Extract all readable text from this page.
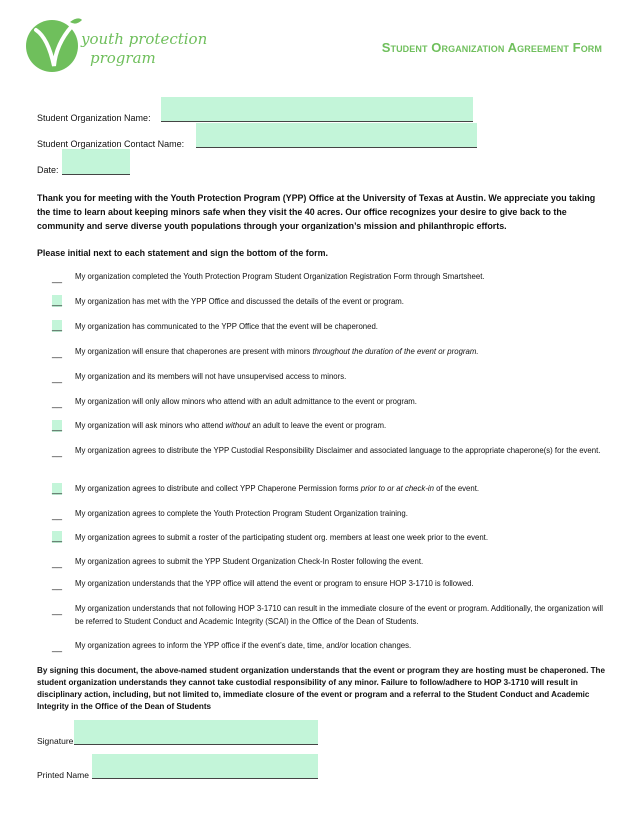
youth protection
program
Student Organization Agreement Form
Student Organization Name:
Student Organization Contact Name:
Date:
Thank you for meeting with the Youth Protection Program (YPP) Office at the University of Texas at Austin. We appreciate you taking the time to learn about keeping minors safe when they visit the 40 acres. Our office recognizes your desire to give back to the community and serve diverse youth populations through your organization’s mission and philanthropic efforts.
Please initial next to each statement and sign the bottom of the form.
__ My organization completed the Youth Protection Program Student Organization Registration Form through Smartsheet.
__ My organization has met with the YPP Office and discussed the details of the event or program.
__ My organization has communicated to the YPP Office that the event will be chaperoned.
__ My organization will ensure that chaperones are present with minors throughout the duration of the event or program.
__ My organization and its members will not have unsupervised access to minors.
__ My organization will only allow minors who attend with an adult admittance to the event or program.
__ My organization will ask minors who attend without an adult to leave the event or program.
__ My organization agrees to distribute the YPP Custodial Responsibility Disclaimer and associated language to the appropriate chaperone(s) for the event.
__ My organization agrees to distribute and collect YPP Chaperone Permission forms prior to or at check-in of the event.
__ My organization agrees to complete the Youth Protection Program Student Organization training.
__ My organization agrees to submit a roster of the participating student org. members at least one week prior to the event.
__ My organization agrees to submit the YPP Student Organization Check-In Roster following the event.
__ My organization understands that the YPP office will attend the event or program to ensure HOP 3-1710 is followed.
__ My organization understands that not following HOP 3-1710 can result in the immediate closure of the event or program. Additionally, the organization will be referred to Student Conduct and Academic Integrity (SCAI) in the Office of the Dean of Students.
__ My organization agrees to inform the YPP office if the event’s date, time, and/or location changes.
By signing this document, the above-named student organization understands that the event or program they are hosting must be chaperoned. The student organization understands they cannot take custodial responsibility of any minor. Failure to follow/adhere to HOP 3-1710 will result in disciplinary action, including, but not limited to, immediate closure of the event or program and a referral to the Student Conduct and Academic Integrity in the Office of the Dean of Students
Signature
Printed Name
